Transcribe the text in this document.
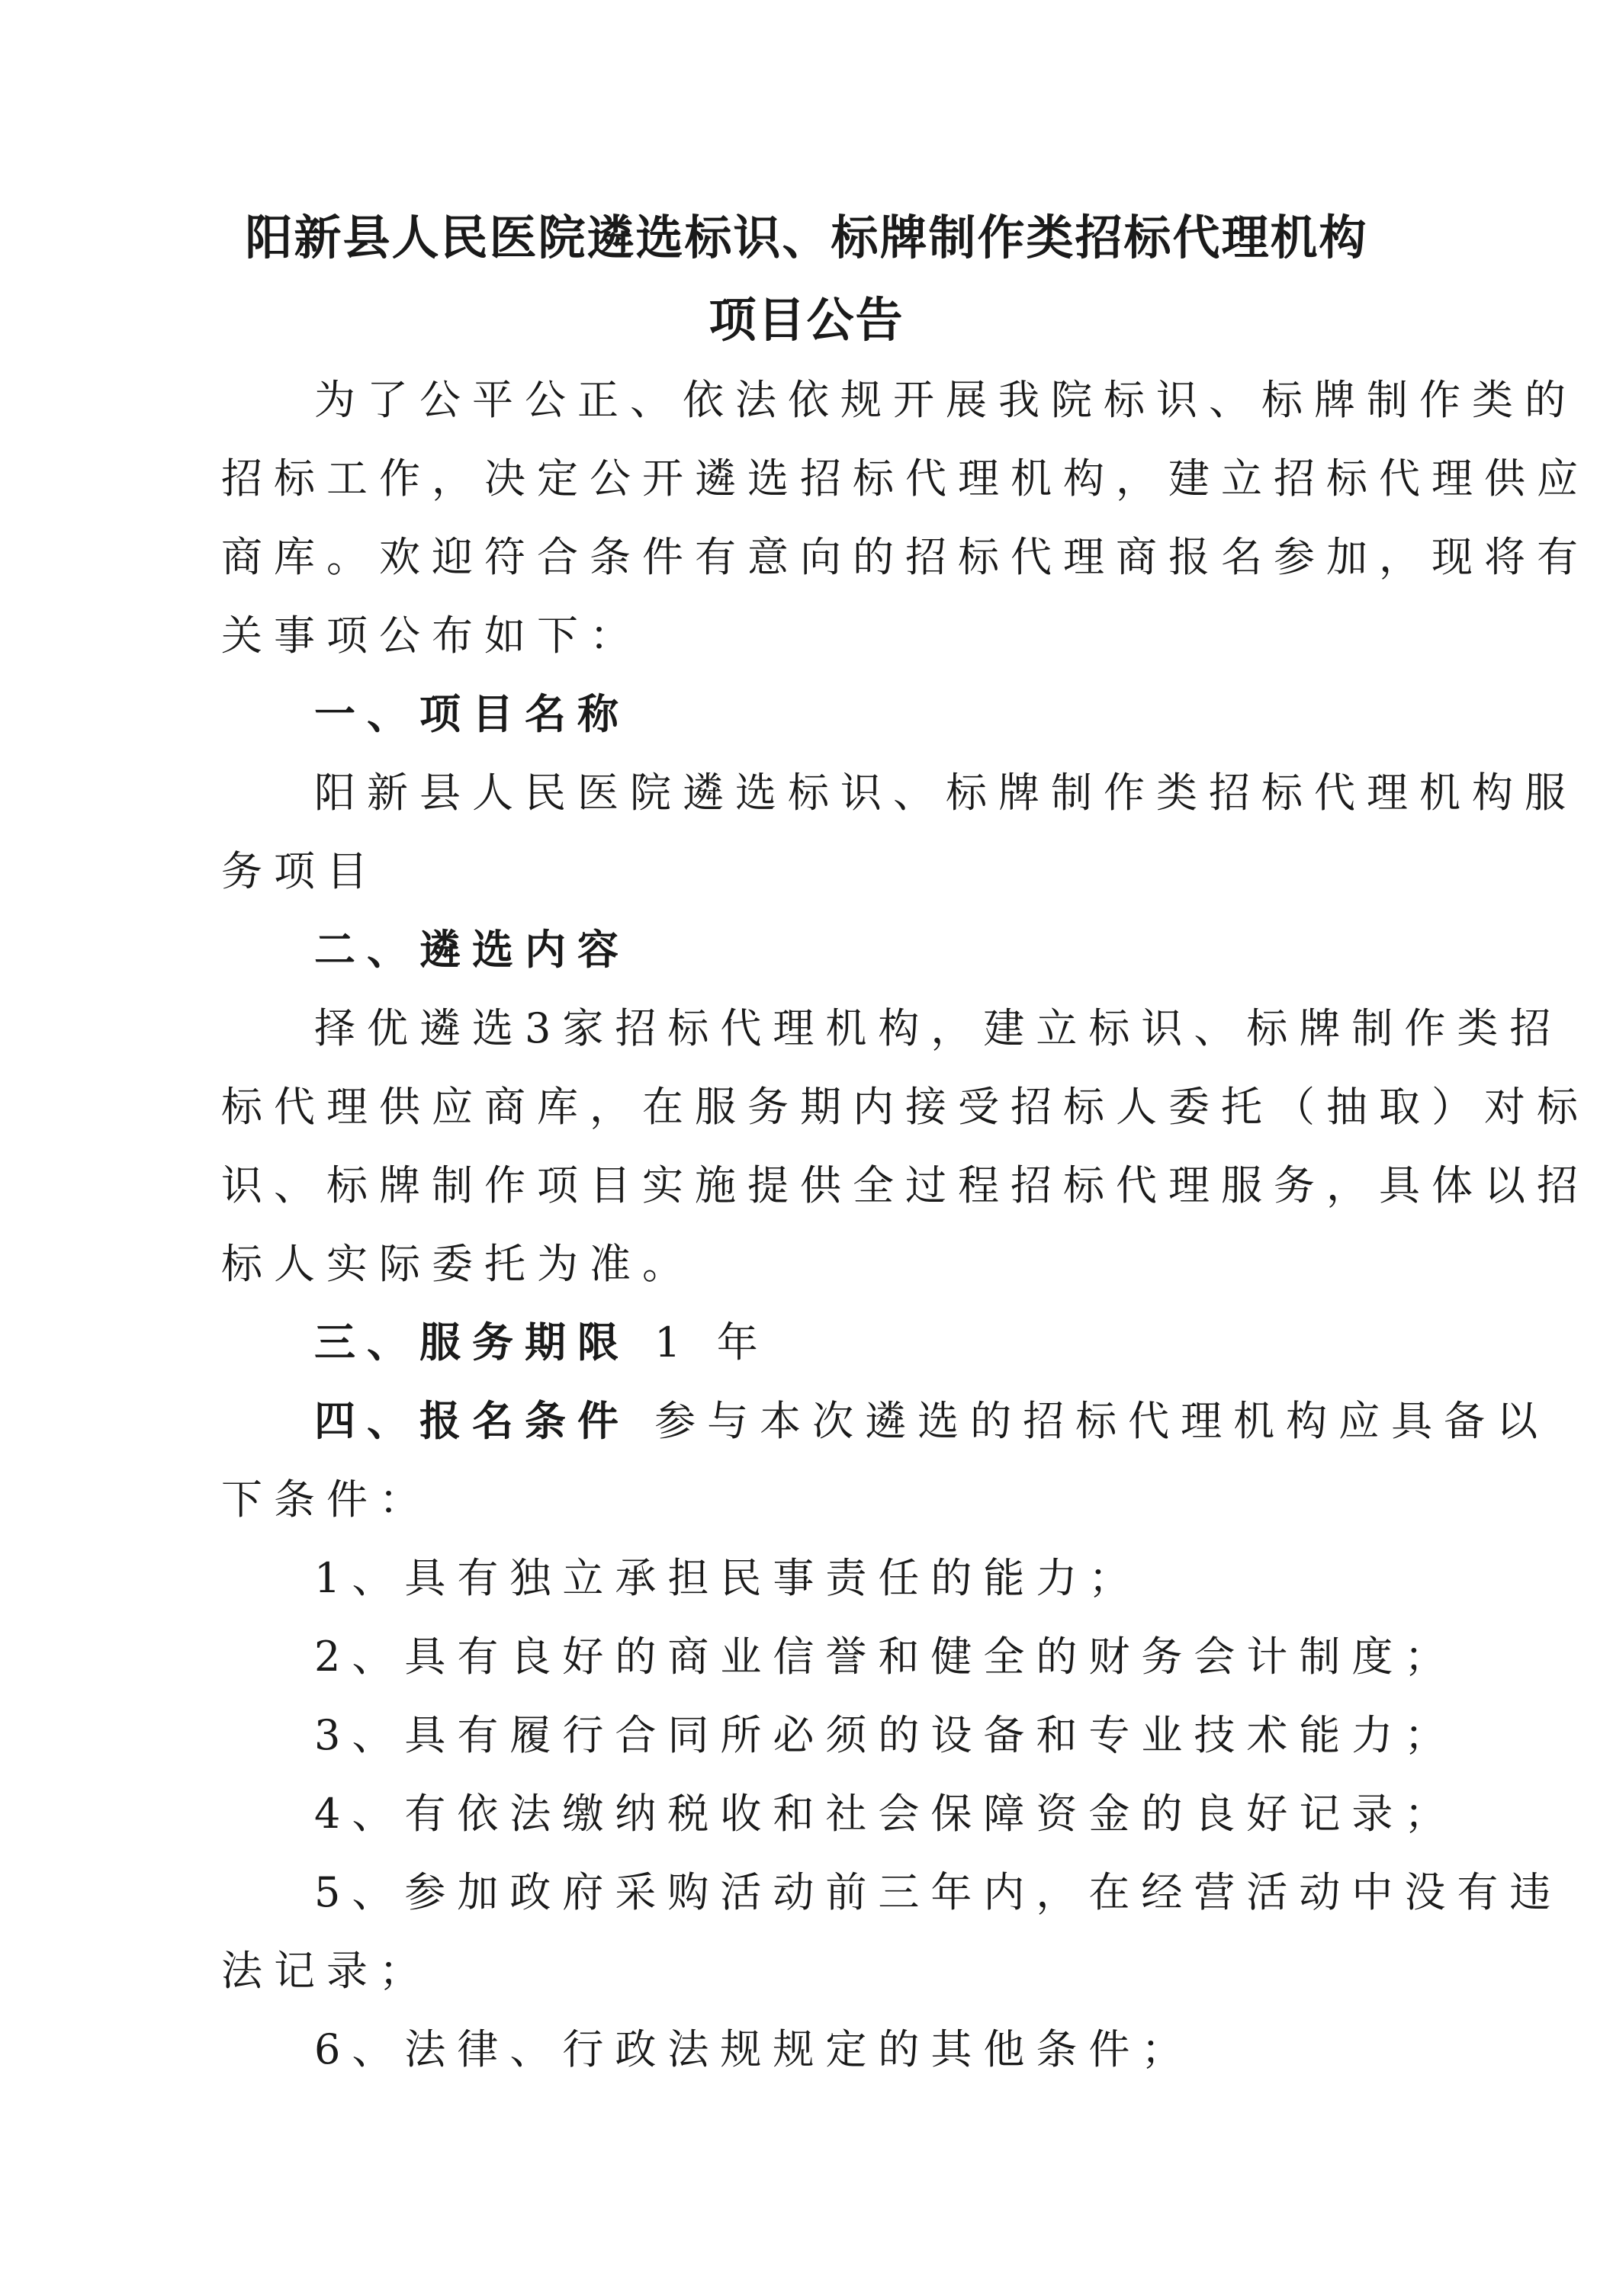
阳新县人民医院遴选标识、标牌制作类招标代理机构
项目公告
为了公平公正、依法依规开展我院标识、标牌制作类的
招标工作，决定公开遴选招标代理机构，建立招标代理供应
商库。欢迎符合条件有意向的招标代理商报名参加，现将有
关事项公布如下：
一、项目名称
阳新县人民医院遴选标识、标牌制作类招标代理机构服
务项目
二、遴选内容
择优遴选3家招标代理机构，建立标识、标牌制作类招
标代理供应商库，在服务期内接受招标人委托（抽取）对标
识、标牌制作项目实施提供全过程招标代理服务，具体以招
标人实际委托为准。
三、服务期限 1 年
四、报名条件 参与本次遴选的招标代理机构应具备以
下条件：
1、具有独立承担民事责任的能力；
2、具有良好的商业信誉和健全的财务会计制度；
3、具有履行合同所必须的设备和专业技术能力；
4、有依法缴纳税收和社会保障资金的良好记录；
5、参加政府采购活动前三年内，在经营活动中没有违
法记录；
6、法律、行政法规规定的其他条件；
